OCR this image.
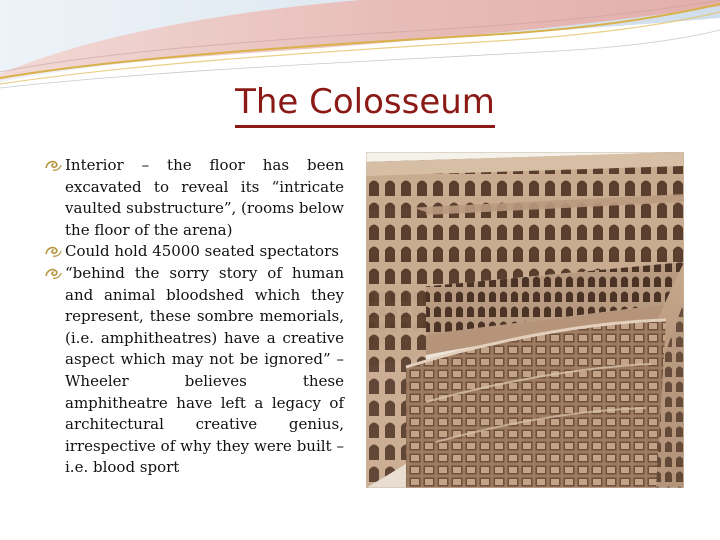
The Colosseum
Interior – the floor has been excavated to reveal its “intricate vaulted substructure”, (rooms below the floor of the arena)
Could hold 45000 seated spectators
“behind the sorry story of human and animal bloodshed which they represent, these sombre memorials, (i.e. amphitheatres) have a creative aspect which may not be ignored” – Wheeler believes these amphitheatre have left a legacy of architectural creative genius, irrespective of why they were built – i.e. blood sport
